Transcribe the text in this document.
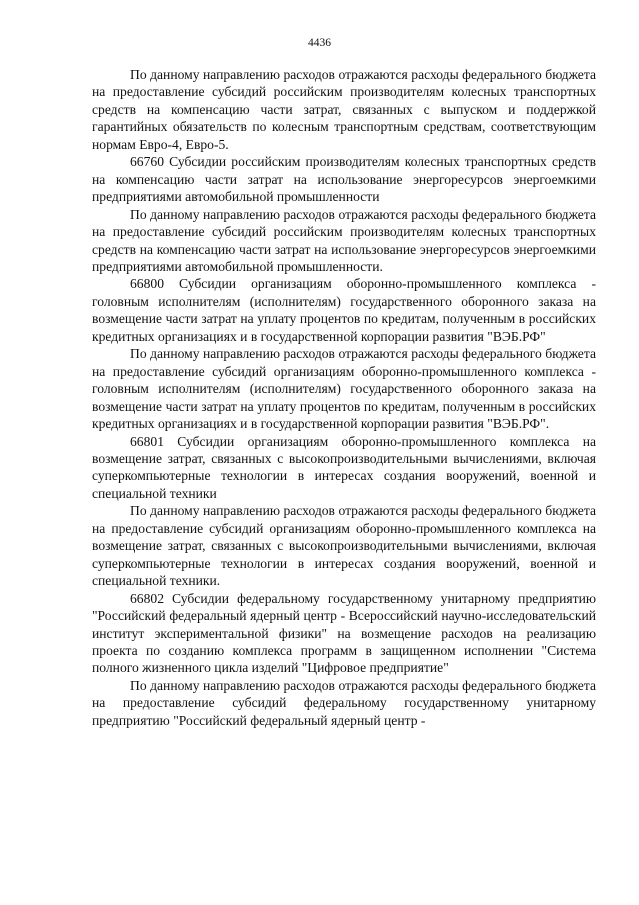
4436

По данному направлению расходов отражаются расходы федерального бюджета на предоставление субсидий российским производителям колесных транспортных средств на компенсацию части затрат, связанных с выпуском и поддержкой гарантийных обязательств по колесным транспортным средствам, соответствующим нормам Евро-4, Евро-5.

66760 Субсидии российским производителям колесных транспортных средств на компенсацию части затрат на использование энергоресурсов энергоемкими предприятиями автомобильной промышленности

По данному направлению расходов отражаются расходы федерального бюджета на предоставление субсидий российским производителям колесных транспортных средств на компенсацию части затрат на использование энергоресурсов энергоемкими предприятиями автомобильной промышленности.

66800 Субсидии организациям оборонно-промышленного комплекса - головным исполнителям (исполнителям) государственного оборонного заказа на возмещение части затрат на уплату процентов по кредитам, полученным в российских кредитных организациях и в государственной корпорации развития "ВЭБ.РФ"

По данному направлению расходов отражаются расходы федерального бюджета на предоставление субсидий организациям оборонно-промышленного комплекса - головным исполнителям (исполнителям) государственного оборонного заказа на возмещение части затрат на уплату процентов по кредитам, полученным в российских кредитных организациях и в государственной корпорации развития "ВЭБ.РФ".

66801 Субсидии организациям оборонно-промышленного комплекса на возмещение затрат, связанных с высокопроизводительными вычислениями, включая суперкомпьютерные технологии в интересах создания вооружений, военной и специальной техники

По данному направлению расходов отражаются расходы федерального бюджета на предоставление субсидий организациям оборонно-промышленного комплекса на возмещение затрат, связанных с высокопроизводительными вычислениями, включая суперкомпьютерные технологии в интересах создания вооружений, военной и специальной техники.

66802 Субсидии федеральному государственному унитарному предприятию "Российский федеральный ядерный центр - Всероссийский научно-исследовательский институт экспериментальной физики" на возмещение расходов на реализацию проекта по созданию комплекса программ в защищенном исполнении "Система полного жизненного цикла изделий "Цифровое предприятие"

По данному направлению расходов отражаются расходы федерального бюджета на предоставление субсидий федеральному государственному унитарному предприятию "Российский федеральный ядерный центр -
